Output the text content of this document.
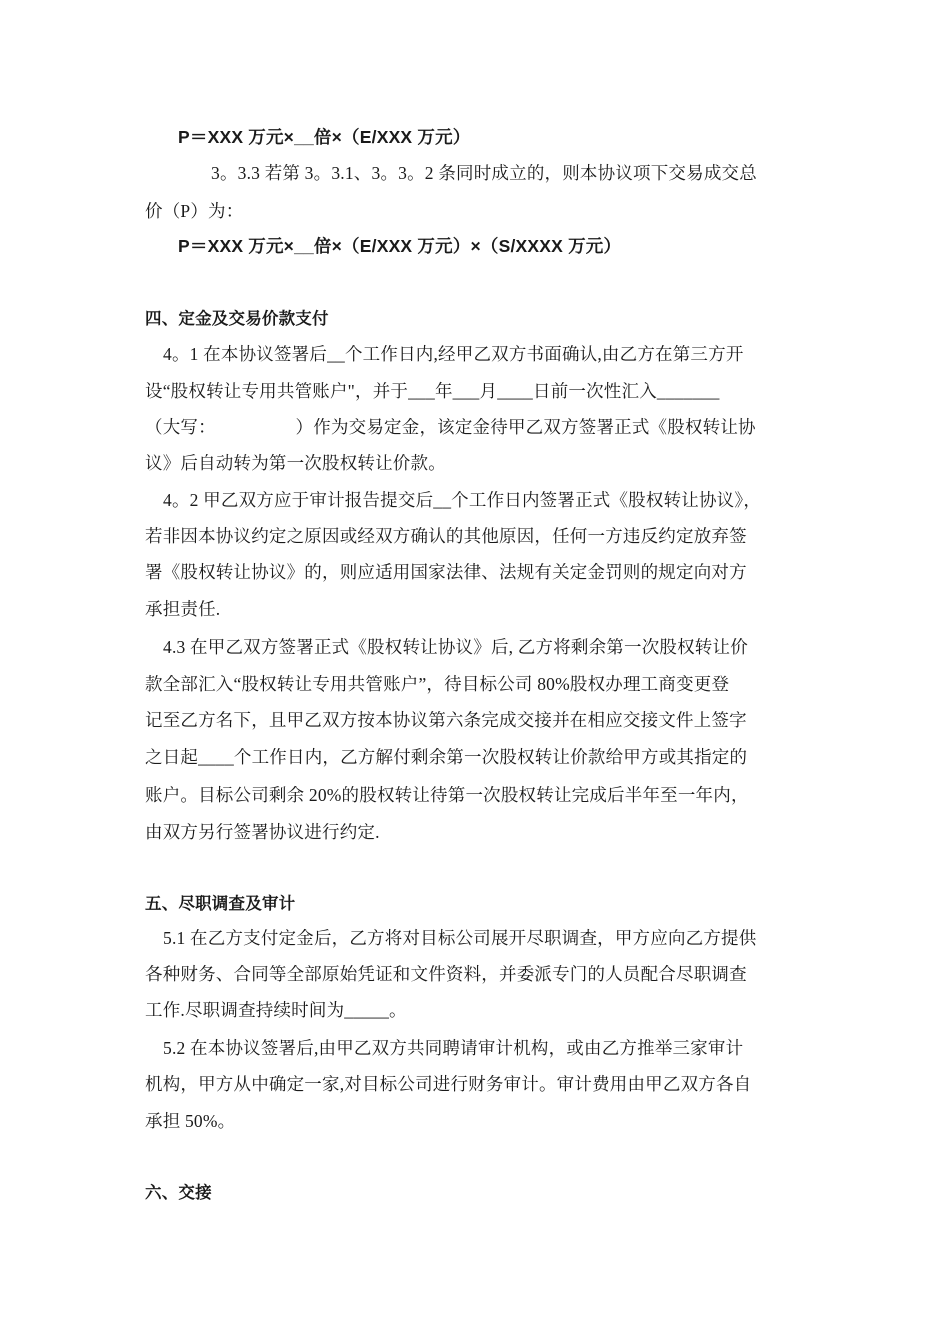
P＝XXX 万元×__倍×（E/XXX 万元）
3。3.3 若第 3。3.1、3。3。2 条同时成立的，则本协议项下交易成交总
价（P）为：
P＝XXX 万元×__倍×（E/XXX 万元）×（S/XXXX 万元）
四、定金及交易价款支付
4。1 在本协议签署后__个工作日内,经甲乙双方书面确认,由乙方在第三方开
设“股权转让专用共管账户"，并于___年___月____日前一次性汇入_______
（大写：　　　　　）作为交易定金，该定金待甲乙双方签署正式《股权转让协
议》后自动转为第一次股权转让价款。
4。2 甲乙双方应于审计报告提交后__个工作日内签署正式《股权转让协议》，
若非因本协议约定之原因或经双方确认的其他原因，任何一方违反约定放弃签
署《股权转让协议》的，则应适用国家法律、法规有关定金罚则的规定向对方
承担责任.
4.3 在甲乙双方签署正式《股权转让协议》后, 乙方将剩余第一次股权转让价
款全部汇入“股权转让专用共管账户”，待目标公司 80%股权办理工商变更登
记至乙方名下，且甲乙双方按本协议第六条完成交接并在相应交接文件上签字
之日起____个工作日内，乙方解付剩余第一次股权转让价款给甲方或其指定的
账户。目标公司剩余 20%的股权转让待第一次股权转让完成后半年至一年内，
由双方另行签署协议进行约定.
五、尽职调查及审计
5.1 在乙方支付定金后，乙方将对目标公司展开尽职调查，甲方应向乙方提供
各种财务、合同等全部原始凭证和文件资料，并委派专门的人员配合尽职调查
工作.尽职调查持续时间为_____。
5.2 在本协议签署后,由甲乙双方共同聘请审计机构，或由乙方推举三家审计
机构，甲方从中确定一家,对目标公司进行财务审计。审计费用由甲乙双方各自
承担 50%。
六、交接
